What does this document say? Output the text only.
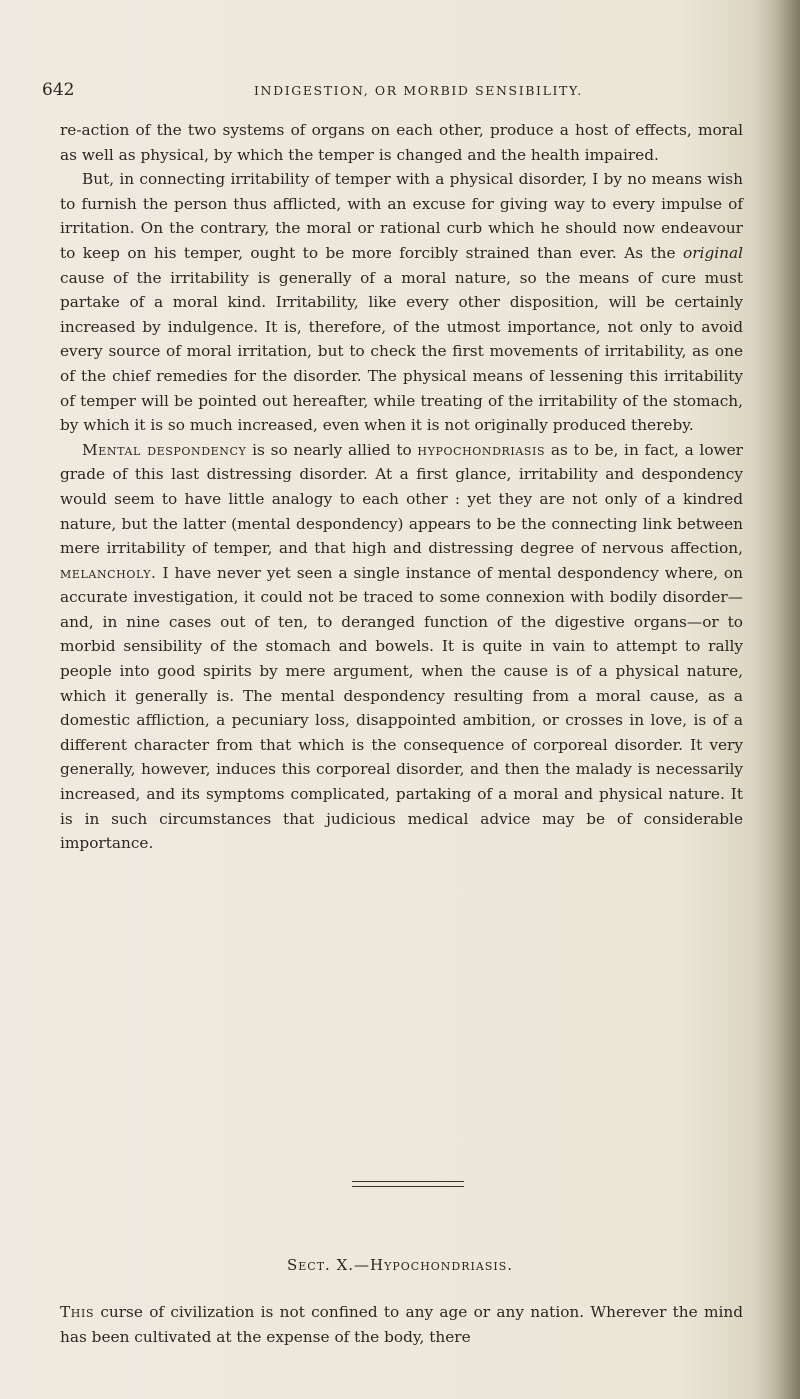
642	INDIGESTION, OR MORBID SENSIBILITY.

re-action of the two systems of organs on each other, produce a host of effects, moral as well as physical, by which the temper is changed and the health impaired.

But, in connecting irritability of temper with a physical disorder, I by no means wish to furnish the person thus afflicted, with an excuse for giving way to every impulse of irritation. On the contrary, the moral or rational curb which he should now endeavour to keep on his temper, ought to be more forcibly strained than ever. As the original cause of the irritability is generally of a moral nature, so the means of cure must partake of a moral kind. Irritability, like every other disposition, will be certainly increased by indulgence. It is, therefore, of the utmost importance, not only to avoid every source of moral irritation, but to check the first movements of irritability, as one of the chief remedies for the disorder. The physical means of lessening this irritability of temper will be pointed out hereafter, while treating of the irritability of the stomach, by which it is so much increased, even when it is not originally produced thereby.

Mental despondency is so nearly allied to hypochondriasis as to be, in fact, a lower grade of this last distressing disorder. At a first glance, irritability and despondency would seem to have little analogy to each other : yet they are not only of a kindred nature, but the latter (mental despondency) appears to be the connecting link between mere irritability of temper, and that high and distressing degree of nervous affection, melancholy. I have never yet seen a single instance of mental despondency where, on accurate investigation, it could not be traced to some connexion with bodily disorder—and, in nine cases out of ten, to deranged function of the digestive organs—or to morbid sensibility of the stomach and bowels. It is quite in vain to attempt to rally people into good spirits by mere argument, when the cause is of a physical nature, which it generally is. The mental despondency resulting from a moral cause, as a domestic affliction, a pecuniary loss, disappointed ambition, or crosses in love, is of a different character from that which is the consequence of corporeal disorder. It very generally, however, induces this corporeal disorder, and then the malady is necessarily increased, and its symptoms complicated, partaking of a moral and physical nature. It is in such circumstances that judicious medical advice may be of considerable importance.

Sect. X.—Hypochondriasis.

This curse of civilization is not confined to any age or any nation. Wherever the mind has been cultivated at the expense of the body, there
